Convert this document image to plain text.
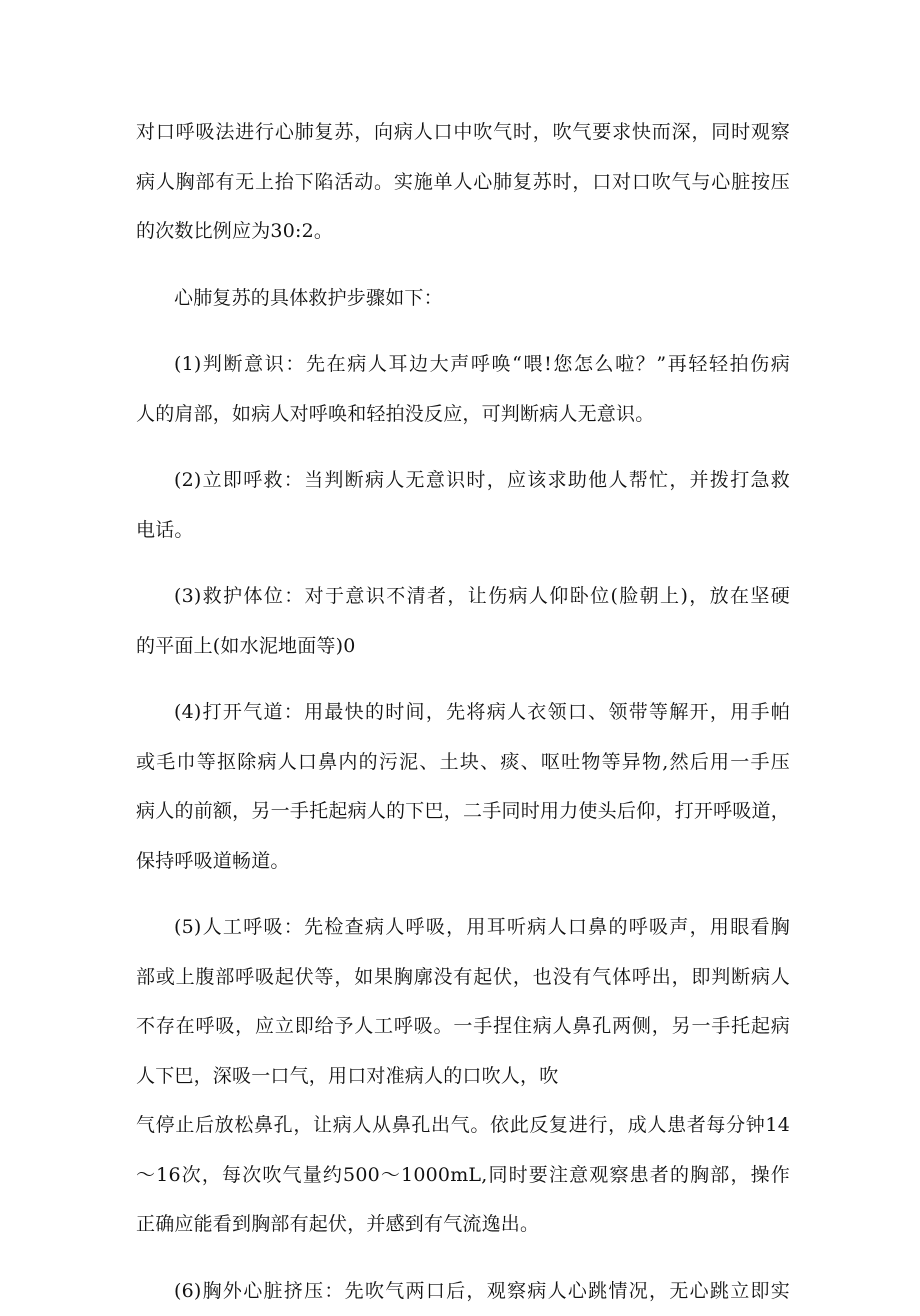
对口呼吸法进行心肺复苏，向病人口中吹气时，吹气要求快而深，同时观察
病人胸部有无上抬下陷活动。实施单人心肺复苏时，口对口吹气与心脏按压
的次数比例应为30:2。
心肺复苏的具体救护步骤如下：
(1)判断意识：先在病人耳边大声呼唤“喂!您怎么啦？”再轻轻拍伤病
人的肩部，如病人对呼唤和轻拍没反应，可判断病人无意识。
(2)立即呼救：当判断病人无意识时，应该求助他人帮忙，并拨打急救
电话。
(3)救护体位：对于意识不清者，让伤病人仰卧位(脸朝上)，放在坚硬
的平面上(如水泥地面等)0
(4)打开气道：用最快的时间，先将病人衣领口、领带等解开，用手帕
或毛巾等抠除病人口鼻内的污泥、土块、痰、呕吐物等异物,然后用一手压
病人的前额，另一手托起病人的下巴，二手同时用力使头后仰，打开呼吸道，
保持呼吸道畅道。
(5)人工呼吸：先检查病人呼吸，用耳听病人口鼻的呼吸声，用眼看胸
部或上腹部呼吸起伏等，如果胸廓没有起伏，也没有气体呼出，即判断病人
不存在呼吸，应立即给予人工呼吸。一手捏住病人鼻孔两侧，另一手托起病
人下巴，深吸一口气，用口对准病人的口吹人，吹
气停止后放松鼻孔，让病人从鼻孔出气。依此反复进行，成人患者每分钟14
～16次，每次吹气量约500～1000mL,同时要注意观察患者的胸部，操作
正确应能看到胸部有起伏，并感到有气流逸出。
(6)胸外心脏挤压：先吹气两口后，观察病人心跳情况，无心跳立即实
